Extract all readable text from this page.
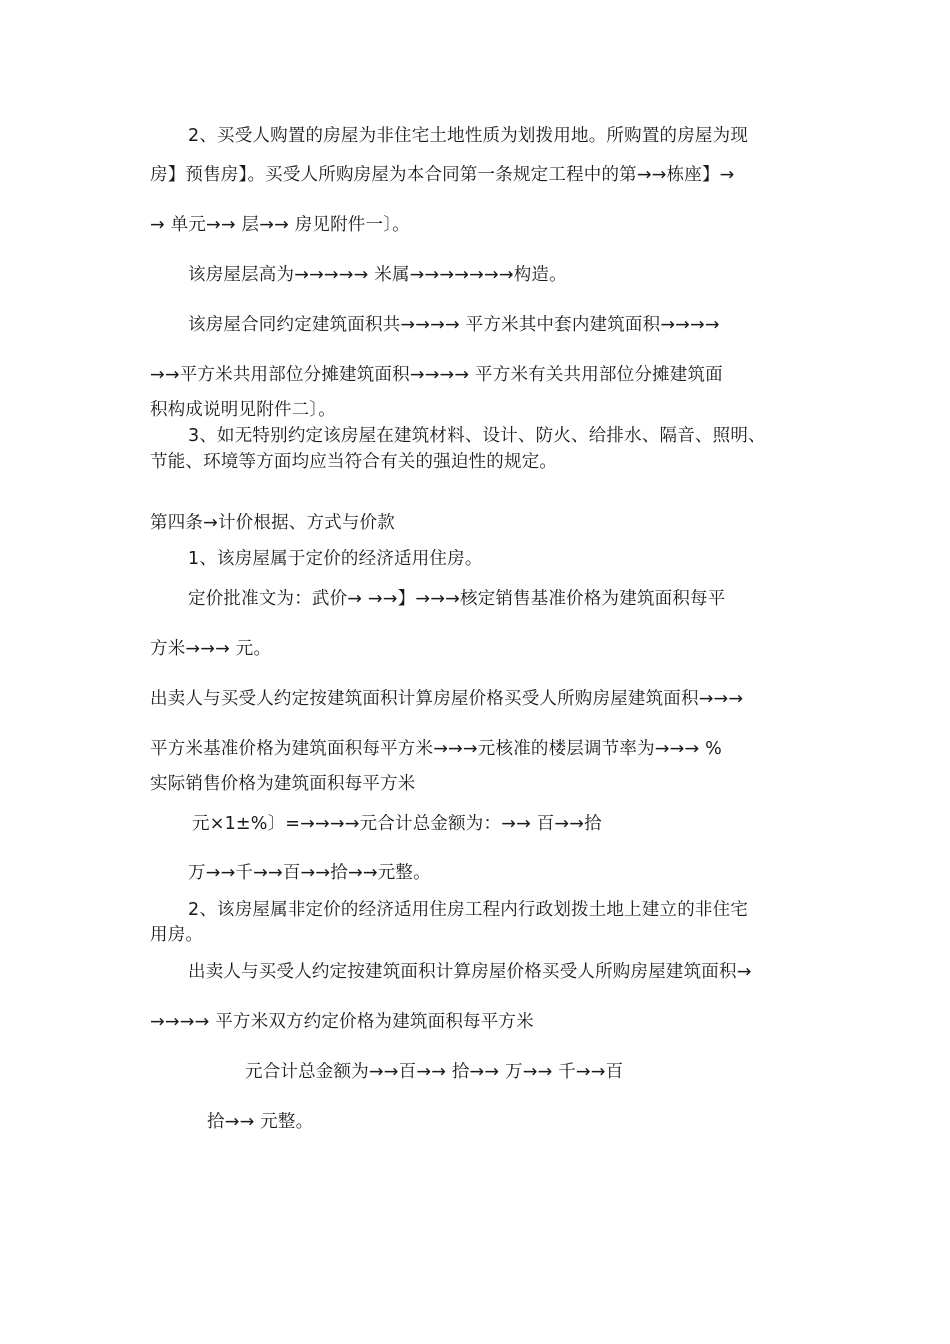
2、买受人购置的房屋为非住宅土地性质为划拨用地。所购置的房屋为现
房】预售房】。买受人所购房屋为本合同第一条规定工程中的第→→栋座】→
→ 单元→→ 层→→ 房见附件一〕。
该房屋层高为→→→→→ 米属→→→→→→→构造。
该房屋合同约定建筑面积共→→→→ 平方米其中套内建筑面积→→→→
→→平方米共用部位分摊建筑面积→→→→ 平方米有关共用部位分摊建筑面
积构成说明见附件二〕。
3、如无特别约定该房屋在建筑材料、设计、防火、给排水、隔音、照明、
节能、环境等方面均应当符合有关的强迫性的规定。
第四条→计价根据、方式与价款
1、该房屋属于定价的经济适用住房。
定价批准文为：武价→ →→】→→→核定销售基准价格为建筑面积每平
方米→→→ 元。
出卖人与买受人约定按建筑面积计算房屋价格买受人所购房屋建筑面积→→→
平方米基准价格为建筑面积每平方米→→→元核准的楼层调节率为→→→ %
实际销售价格为建筑面积每平方米
元×1±%〕=→→→→元合计总金额为：→→ 百→→拾
万→→千→→百→→拾→→元整。
2、该房屋属非定价的经济适用住房工程内行政划拨土地上建立的非住宅
用房。
出卖人与买受人约定按建筑面积计算房屋价格买受人所购房屋建筑面积→
→→→→ 平方米双方约定价格为建筑面积每平方米
元合计总金额为→→百→→ 拾→→ 万→→ 千→→百
拾→→ 元整。
